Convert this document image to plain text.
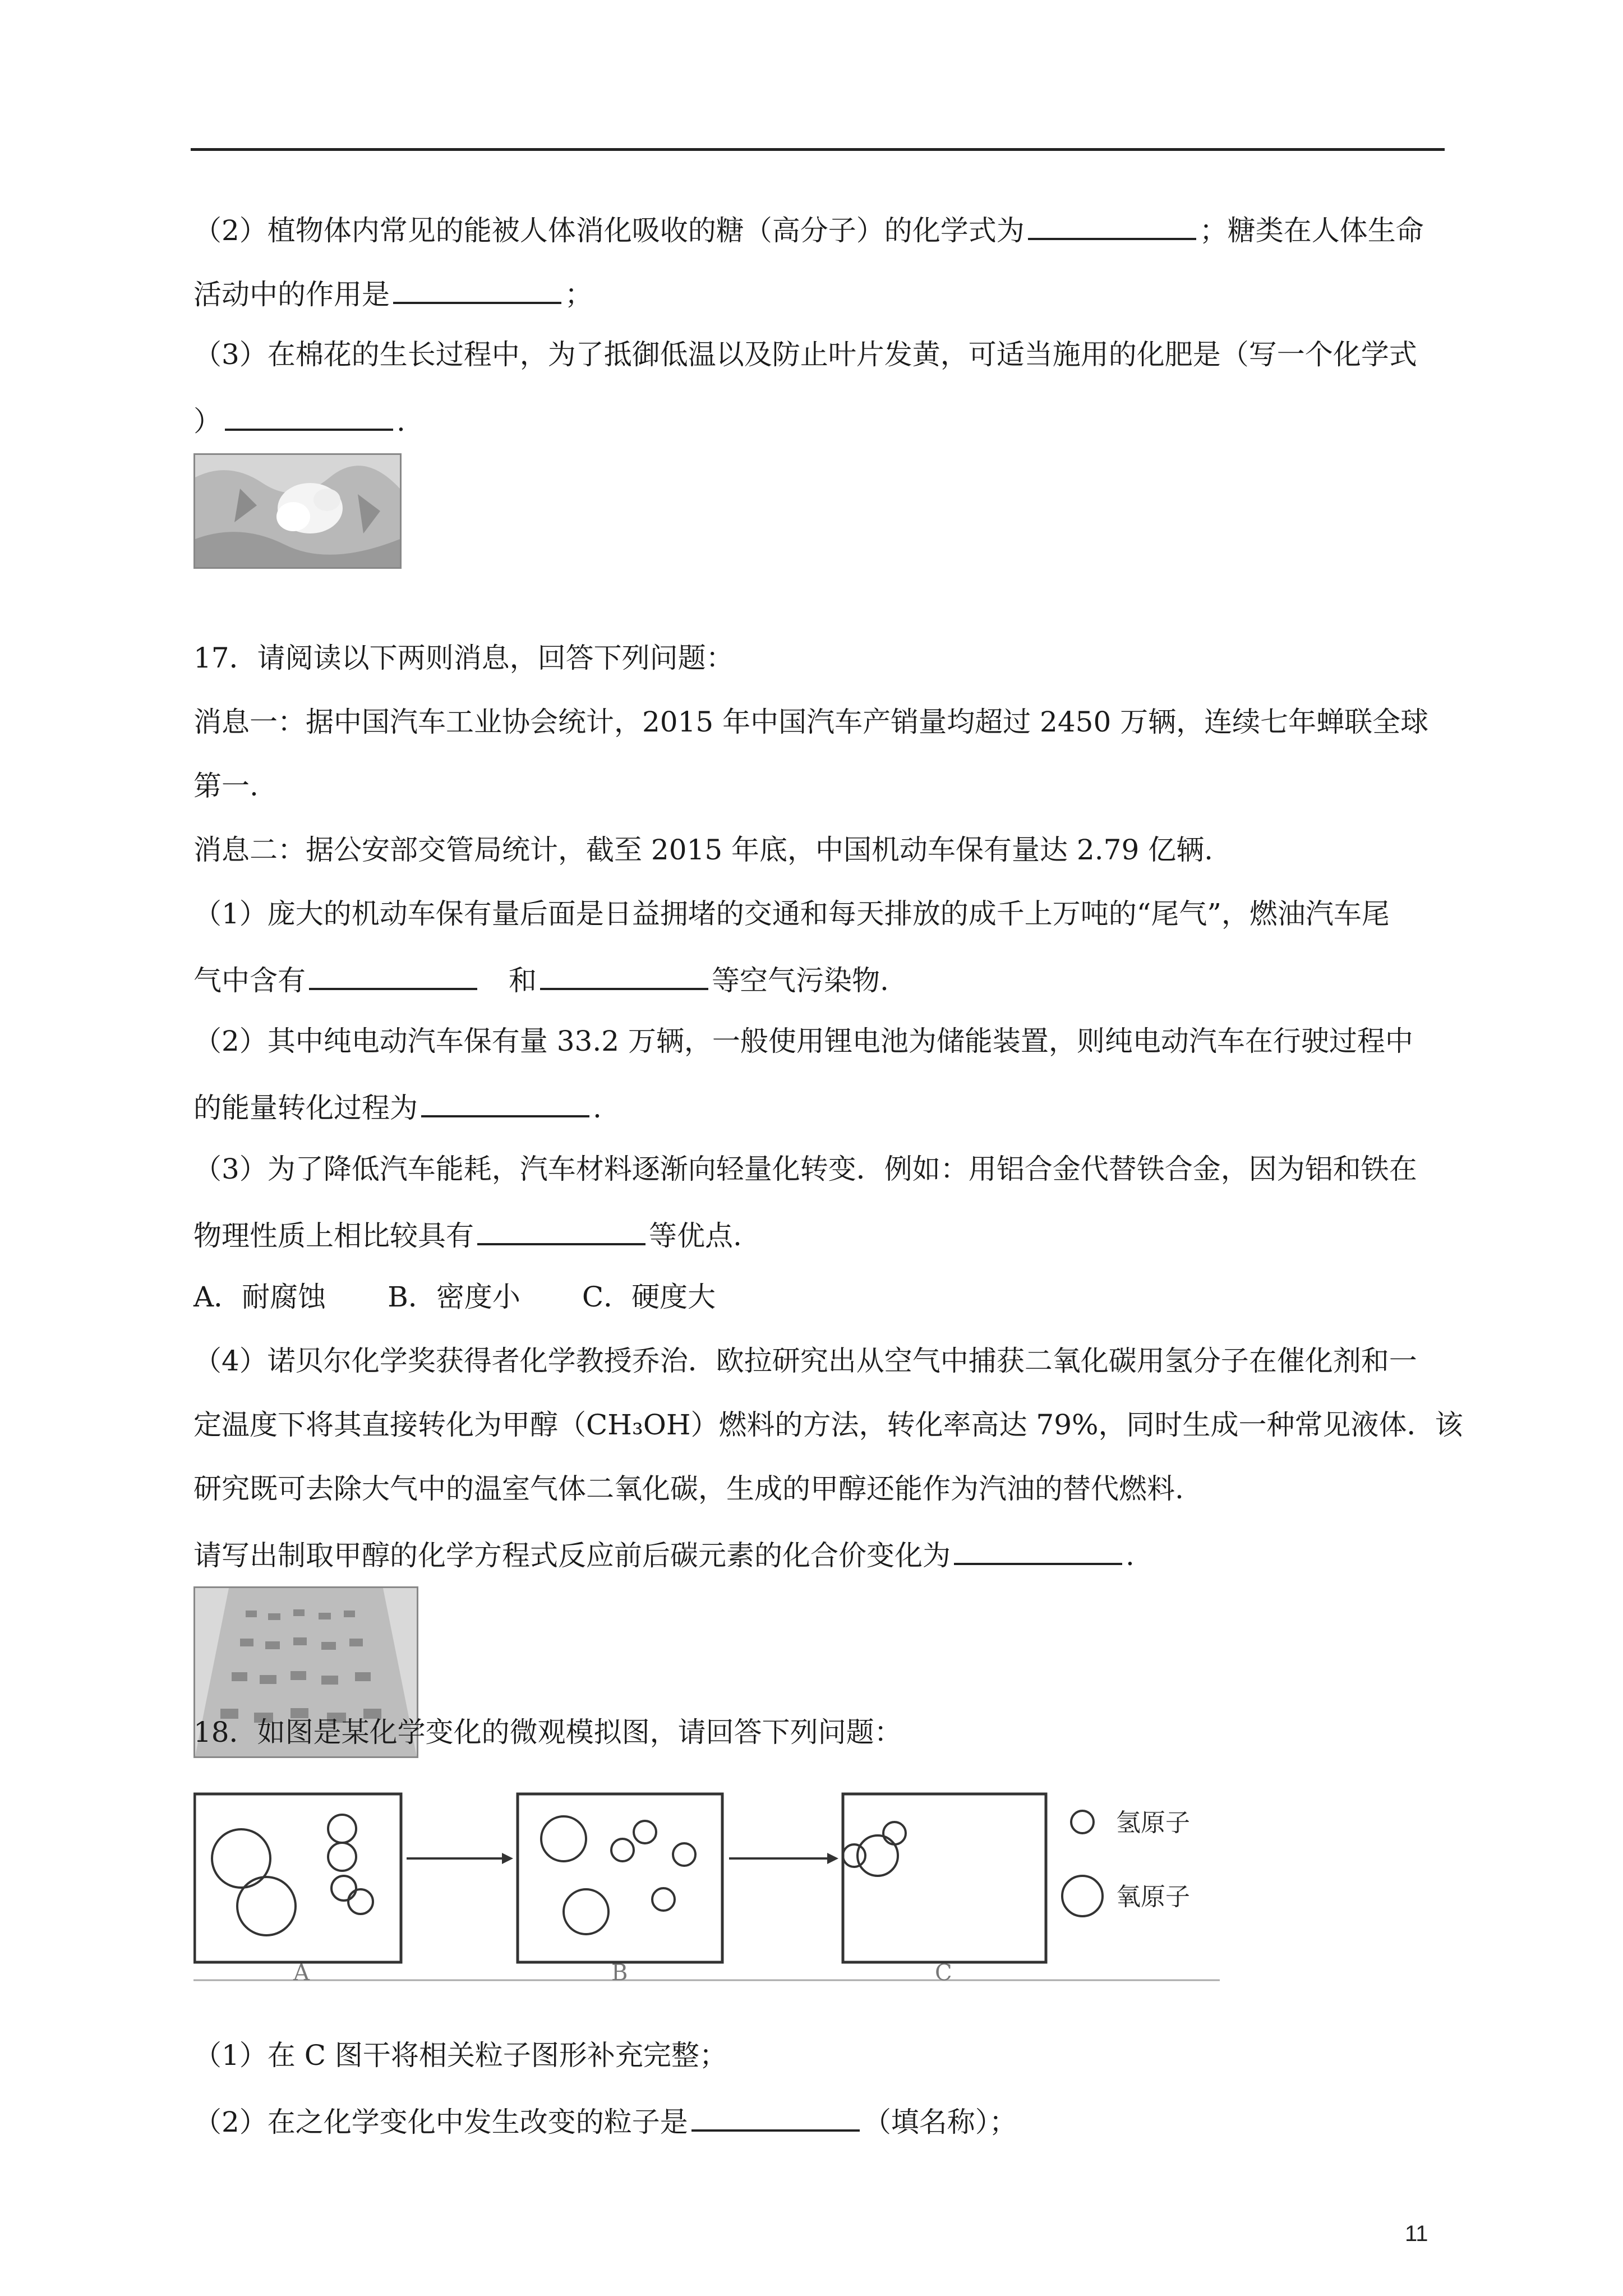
（2）植物体内常见的能被人体消化吸收的糖（高分子）的化学式为	；糖类在人体生命
活动中的作用是	；
（3）在棉花的生长过程中，为了抵御低温以及防止叶片发黄，可适当施用的化肥是（写一个化学式
）	.
17．请阅读以下两则消息，回答下列问题：
消息一：据中国汽车工业协会统计，2015 年中国汽车产销量均超过 2450 万辆，连续七年蝉联全球
第一.
消息二：据公安部交管局统计，截至 2015 年底，中国机动车保有量达 2.79 亿辆.
（1）庞大的机动车保有量后面是日益拥堵的交通和每天排放的成千上万吨的“尾气”，燃油汽车尾
气中含有	和	等空气污染物.
（2）其中纯电动汽车保有量 33.2 万辆，一般使用锂电池为储能装置，则纯电动汽车在行驶过程中
的能量转化过程为	.
（3）为了降低汽车能耗，汽车材料逐渐向轻量化转变．例如：用铝合金代替铁合金，因为铝和铁在
物理性质上相比较具有	等优点.
A．耐腐蚀 B．密度小 C．硬度大
（4）诺贝尔化学奖获得者化学教授乔治．欧拉研究出从空气中捕获二氧化碳用氢分子在催化剂和一
定温度下将其直接转化为甲醇（CH₃OH）燃料的方法，转化率高达 79%，同时生成一种常见液体．该
研究既可去除大气中的温室气体二氧化碳，生成的甲醇还能作为汽油的替代燃料.
请写出制取甲醇的化学方程式反应前后碳元素的化合价变化为	.
18．如图是某化学变化的微观模拟图，请回答下列问题：
氢原子
氧原子
A	B	C
（1）在 C 图干将相关粒子图形补充完整；
（2）在之化学变化中发生改变的粒子是	（填名称）；
11
